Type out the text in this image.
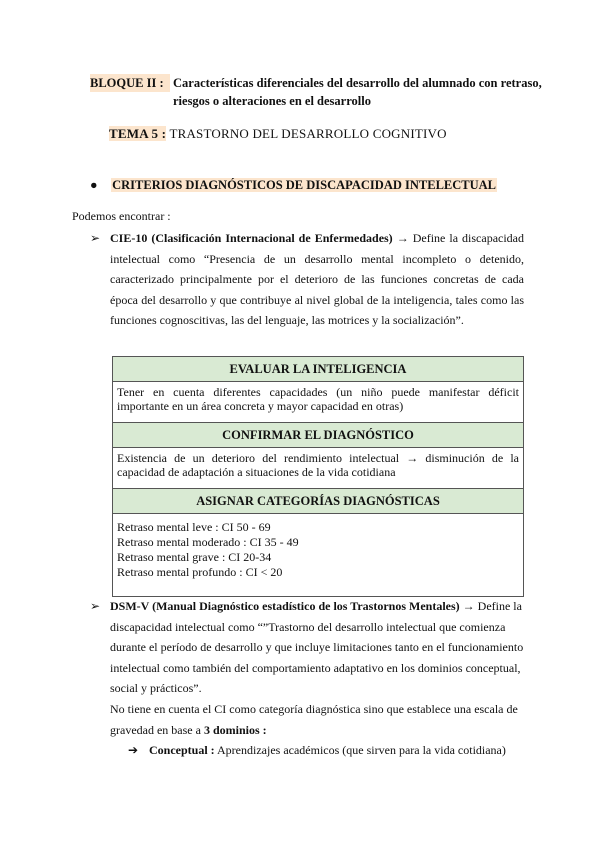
BLOQUE II : Características diferenciales del desarrollo del alumnado con retraso, riesgos o alteraciones en el desarrollo
TEMA 5 : TRASTORNO DEL DESARROLLO COGNITIVO
● CRITERIOS DIAGNÓSTICOS DE DISCAPACIDAD INTELECTUAL
Podemos encontrar :
➢ CIE-10 (Clasificación Internacional de Enfermedades) → Define la discapacidad intelectual como “Presencia de un desarrollo mental incompleto o detenido, caracterizado principalmente por el deterioro de las funciones concretas de cada época del desarrollo y que contribuye al nivel global de la inteligencia, tales como las funciones cognoscitivas, las del lenguaje, las motrices y la socialización”.
EVALUAR LA INTELIGENCIA
Tener en cuenta diferentes capacidades (un niño puede manifestar déficit importante en un área concreta y mayor capacidad en otras)
CONFIRMAR EL DIAGNÓSTICO
Existencia de un deterioro del rendimiento intelectual → disminución de la capacidad de adaptación a situaciones de la vida cotidiana
ASIGNAR CATEGORÍAS DIAGNÓSTICAS

Retraso mental leve : CI 50 - 69
Retraso mental moderado : CI 35 - 49
Retraso mental grave : CI 20-34
Retraso mental profundo : CI < 20
➢ DSM-V (Manual Diagnóstico estadístico de los Trastornos Mentales) → Define la discapacidad intelectual como “”Trastorno del desarrollo intelectual que comienza durante el período de desarrollo y que incluye limitaciones tanto en el funcionamiento intelectual como también del comportamiento adaptativo en los dominios conceptual, social y prácticos”.
No tiene en cuenta el CI como categoría diagnóstica sino que establece una escala de gravedad en base a 3 dominios :
➔ Conceptual : Aprendizajes académicos (que sirven para la vida cotidiana)
